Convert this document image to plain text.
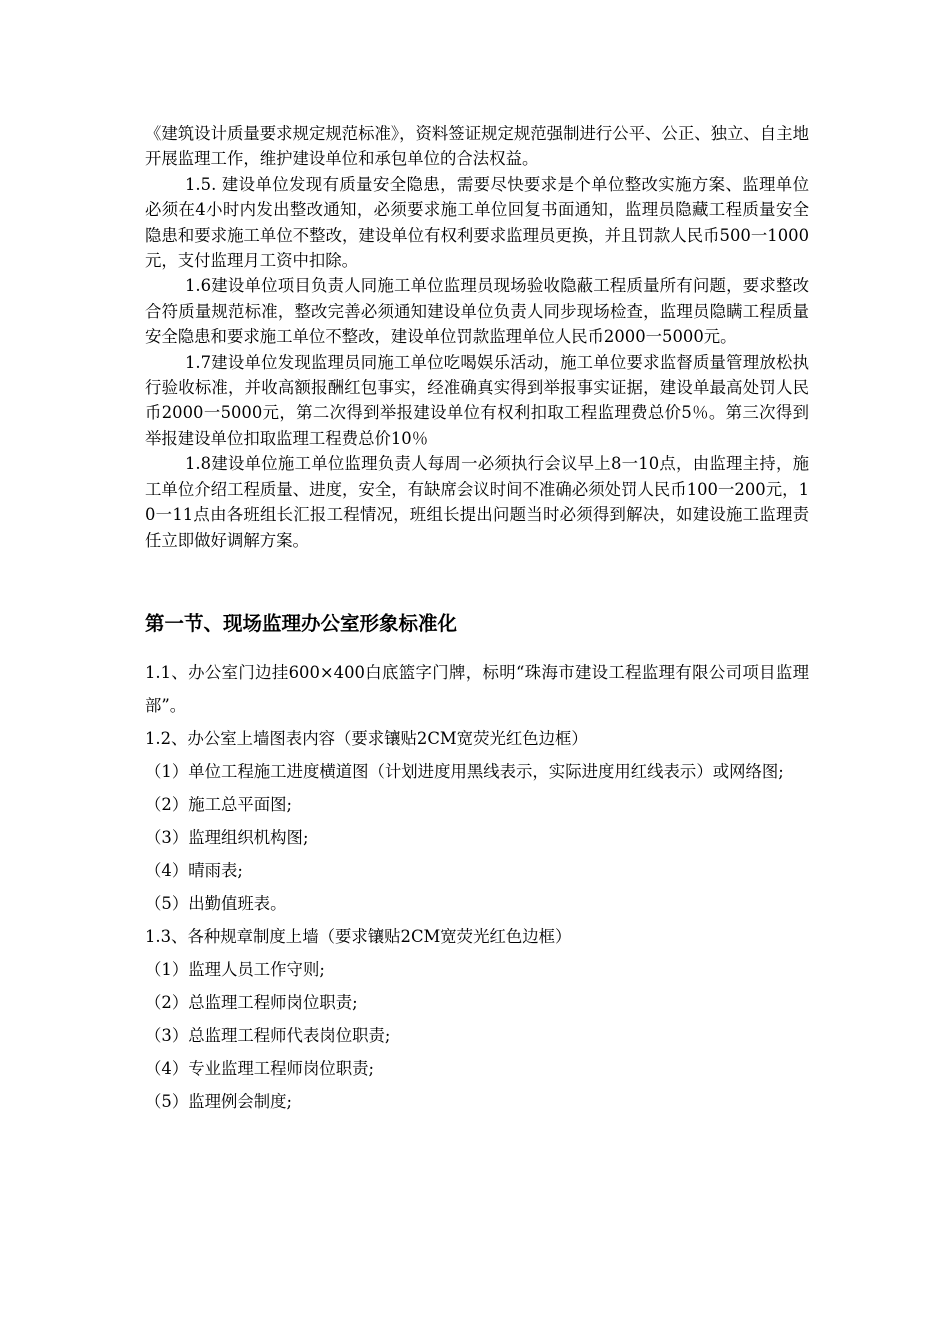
《建筑设计质量要求规定规范标准》，资料签证规定规范强制进行公平、公正、独立、自主地开展监理工作，维护建设单位和承包单位的合法权益。

1.5. 建设单位发现有质量安全隐患，需要尽快要求是个单位整改实施方案、监理单位必须在4小时内发出整改通知，必须要求施工单位回复书面通知，监理员隐藏工程质量安全隐患和要求施工单位不整改，建设单位有权利要求监理员更换，并且罚款人民币500一1000元，支付监理月工资中扣除。

1.6建设单位项目负责人同施工单位监理员现场验收隐蔽工程质量所有问题，要求整改合符质量规范标准，整改完善必须通知建设单位负责人同步现场检查，监理员隐瞒工程质量安全隐患和要求施工单位不整改，建设单位罚款监理单位人民币2000一5000元。

1.7建设单位发现监理员同施工单位吃喝娱乐活动，施工单位要求监督质量管理放松执行验收标准，并收高额报酬红包事实，经准确真实得到举报事实证据，建设单最高处罚人民币2000一5000元，第二次得到举报建设单位有权利扣取工程监理费总价5％。第三次得到举报建设单位扣取监理工程费总价10％

1.8建设单位施工单位监理负责人每周一必须执行会议早上8一10点，由监理主持，施工单位介绍工程质量、进度，安全，有缺席会议时间不准确必须处罚人民币100一200元，10一11点由各班组长汇报工程情况，班组长提出问题当时必须得到解决，如建设施工监理责任立即做好调解方案。

第一节、现场监理办公室形象标准化

1.1、办公室门边挂600×400白底篮字门牌，标明“珠海市建设工程监理有限公司项目监理部”。

1.2、办公室上墙图表内容（要求镶贴2CM宽荧光红色边框）

（1）单位工程施工进度横道图（计划进度用黑线表示，实际进度用红线表示）或网络图;

（2）施工总平面图;

（3）监理组织机构图;

（4）晴雨表;

（5）出勤值班表。

1.3、各种规章制度上墙（要求镶贴2CM宽荧光红色边框）

（1）监理人员工作守则;

（2）总监理工程师岗位职责;

（3）总监理工程师代表岗位职责;

（4）专业监理工程师岗位职责;

（5）监理例会制度;
